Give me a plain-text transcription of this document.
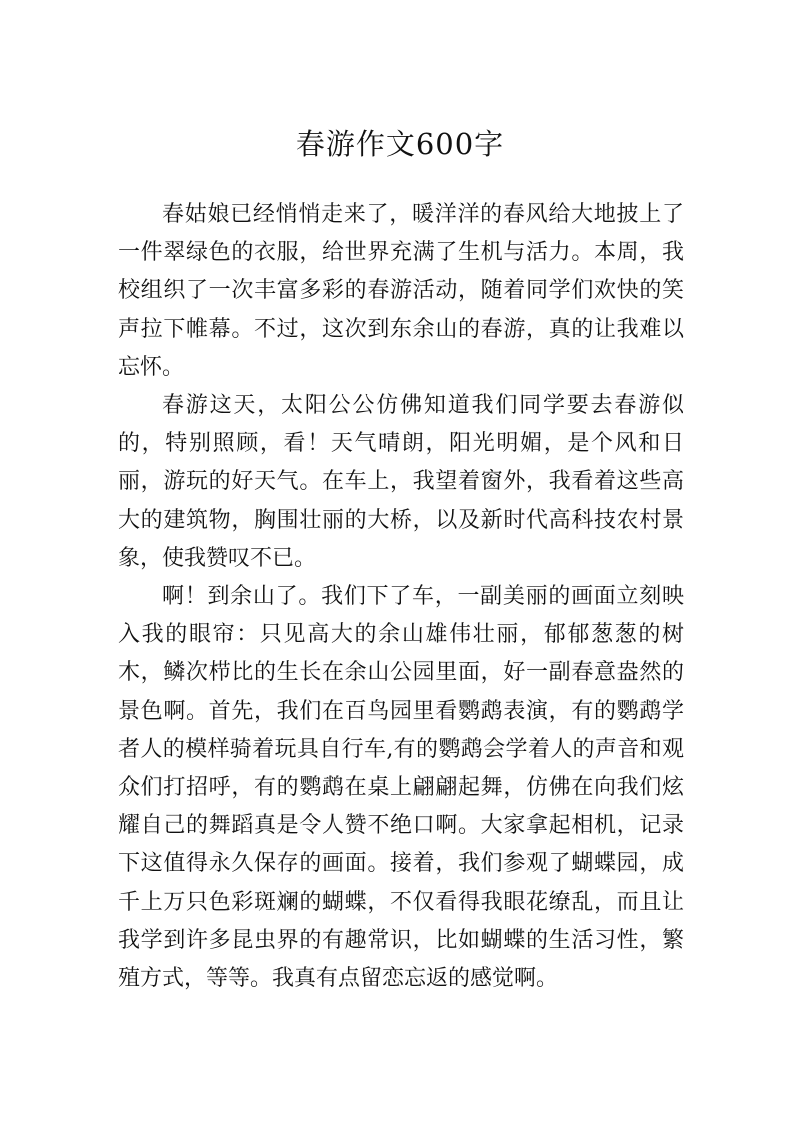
春游作文600字

春姑娘已经悄悄走来了，暖洋洋的春风给大地披上了一件翠绿色的衣服，给世界充满了生机与活力。本周，我校组织了一次丰富多彩的春游活动，随着同学们欢快的笑声拉下帷幕。不过，这次到东余山的春游，真的让我难以忘怀。

春游这天，太阳公公仿佛知道我们同学要去春游似的，特别照顾，看！天气晴朗，阳光明媚，是个风和日丽，游玩的好天气。在车上，我望着窗外，我看着这些高大的建筑物，胸围壮丽的大桥，以及新时代高科技农村景象，使我赞叹不已。

啊！到余山了。我们下了车，一副美丽的画面立刻映入我的眼帘：只见高大的余山雄伟壮丽，郁郁葱葱的树木，鳞次栉比的生长在余山公园里面，好一副春意盎然的景色啊。首先，我们在百鸟园里看鹦鹉表演，有的鹦鹉学者人的模样骑着玩具自行车,有的鹦鹉会学着人的声音和观众们打招呼，有的鹦鹉在桌上翩翩起舞，仿佛在向我们炫耀自己的舞蹈真是令人赞不绝口啊。大家拿起相机，记录下这值得永久保存的画面。接着，我们参观了蝴蝶园，成千上万只色彩斑斓的蝴蝶，不仅看得我眼花缭乱，而且让我学到许多昆虫界的有趣常识，比如蝴蝶的生活习性，繁殖方式，等等。我真有点留恋忘返的感觉啊。
